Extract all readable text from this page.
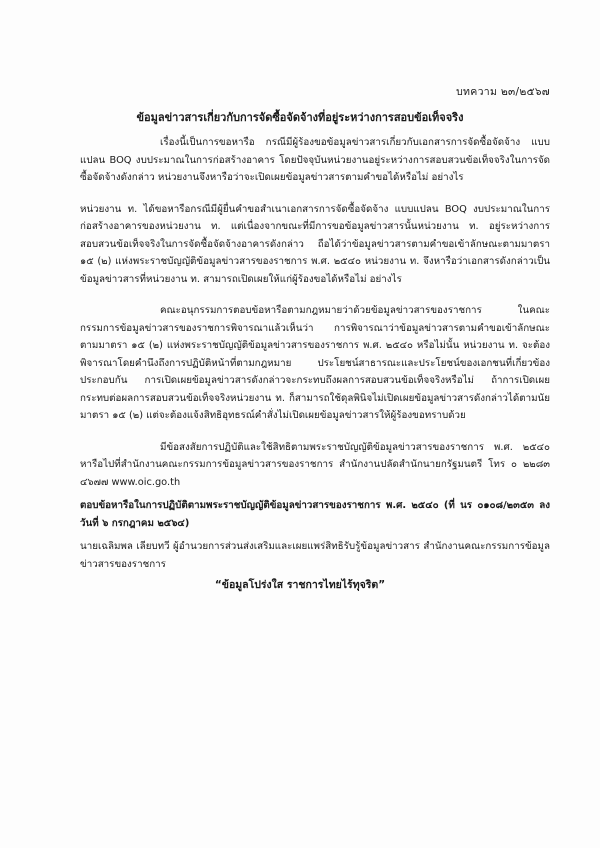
บทความ ๒๓/๒๕๖๗
ข้อมูลข่าวสารเกี่ยวกับการจัดซื้อจัดจ้างที่อยู่ระหว่างการสอบข้อเท็จจริง

เรื่องนี้เป็นการขอหารือ กรณีมีผู้ร้องขอข้อมูลข่าวสารเกี่ยวกับเอกสารการจัดซื้อจัดจ้าง แบบแปลน BOQ งบประมาณในการก่อสร้างอาคาร โดยปัจจุบันหน่วยงานอยู่ระหว่างการสอบสวนข้อเท็จจริงในการจัดซื้อจัดจ้างดังกล่าว หน่วยงานจึงหารือว่าจะเปิดเผยข้อมูลข่าวสารตามคำขอได้หรือไม่ อย่างไร

หน่วยงาน ท. ได้ขอหารือกรณีมีผู้ยื่นคำขอสำเนาเอกสารการจัดซื้อจัดจ้าง แบบแปลน BOQ งบประมาณในการก่อสร้างอาคารของหน่วยงาน ท. แต่เนื่องจากขณะที่มีการขอข้อมูลข่าวสารนั้นหน่วยงาน ท. อยู่ระหว่างการสอบสวนข้อเท็จจริงในการจัดซื้อจัดจ้างอาคารดังกล่าว ถือได้ว่าข้อมูลข่าวสารตามคำขอเข้าลักษณะตามมาตรา ๑๕ (๒) แห่งพระราชบัญญัติข้อมูลข่าวสารของราชการ พ.ศ. ๒๕๔๐ หน่วยงาน ท. จึงหารือว่าเอกสารดังกล่าวเป็นข้อมูลข่าวสารที่หน่วยงาน ท. สามารถเปิดเผยให้แก่ผู้ร้องขอได้หรือไม่ อย่างไร

คณะอนุกรรมการตอบข้อหารือตามกฎหมายว่าด้วยข้อมูลข่าวสารของราชการ ในคณะกรรมการข้อมูลข่าวสารของราชการพิจารณาแล้วเห็นว่า การพิจารณาว่าข้อมูลข่าวสารตามคำขอเข้าลักษณะตามมาตรา ๑๕ (๒) แห่งพระราชบัญญัติข้อมูลข่าวสารของราชการ พ.ศ. ๒๕๔๐ หรือไม่นั้น หน่วยงาน ท. จะต้องพิจารณาโดยคำนึงถึงการปฏิบัติหน้าที่ตามกฎหมาย ประโยชน์สาธารณะและประโยชน์ของเอกชนที่เกี่ยวข้องประกอบกัน การเปิดเผยข้อมูลข่าวสารดังกล่าวจะกระทบถึงผลการสอบสวนข้อเท็จจริงหรือไม่ ถ้าการเปิดเผยกระทบต่อผลการสอบสวนข้อเท็จจริงหน่วยงาน ท. ก็สามารถใช้ดุลพินิจไม่เปิดเผยข้อมูลข่าวสารดังกล่าวได้ตามนัยมาตรา ๑๕ (๒) แต่จะต้องแจ้งสิทธิอุทธรณ์คำสั่งไม่เปิดเผยข้อมูลข่าวสารให้ผู้ร้องขอทราบด้วย

มีข้อสงสัยการปฏิบัติและใช้สิทธิตามพระราชบัญญัติข้อมูลข่าวสารของราชการ พ.ศ. ๒๕๔๐ หารือไปที่สำนักงานคณะกรรมการข้อมูลข่าวสารของราชการ สำนักงานปลัดสำนักนายกรัฐมนตรี โทร ๐ ๒๒๘๓ ๔๖๗๗ www.oic.go.th

ตอบข้อหารือในการปฏิบัติตามพระราชบัญญัติข้อมูลข่าวสารของราชการ พ.ศ. ๒๕๔๐ (ที่ นร ๐๑๐๘/๒๓๕๓ ลงวันที่ ๖ กรกฎาคม ๒๕๖๔)

นายเฉลิมพล เลียบทวี ผู้อำนวยการส่วนส่งเสริมและเผยแพร่สิทธิรับรู้ข้อมูลข่าวสาร สำนักงานคณะกรรมการข้อมูลข่าวสารของราชการ

“ข้อมูลโปร่งใส ราชการไทยไร้ทุจริต”
